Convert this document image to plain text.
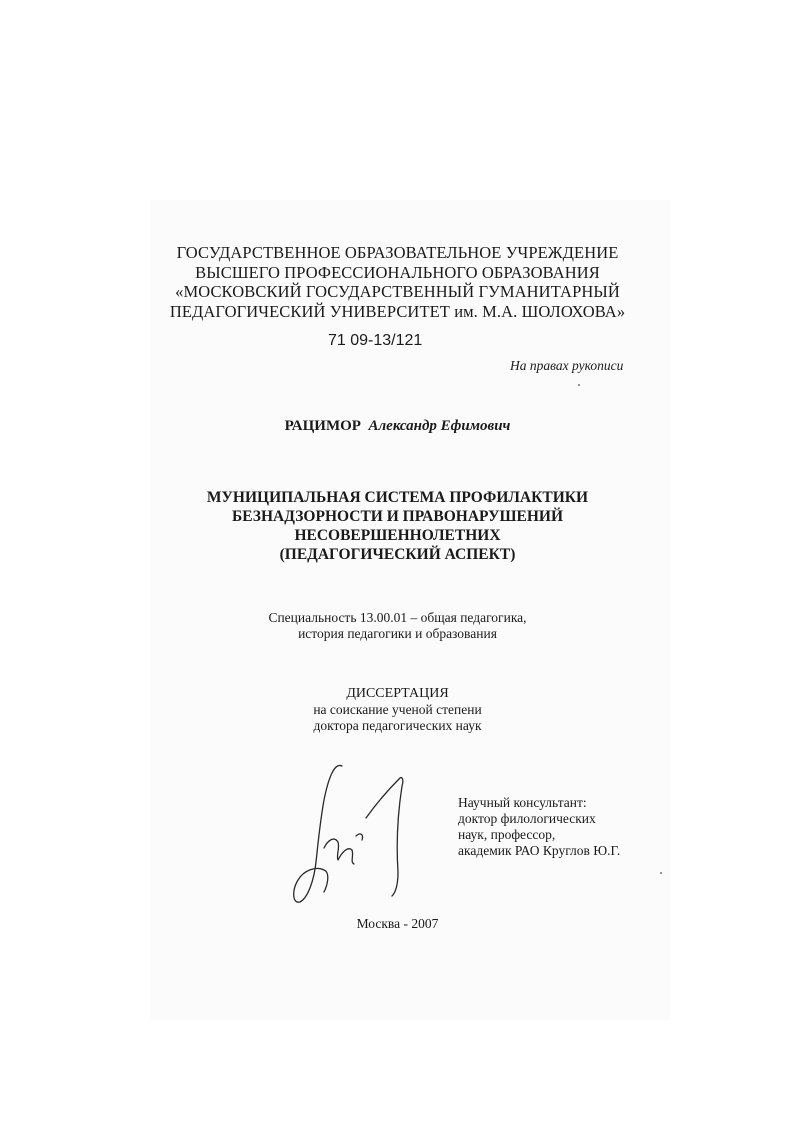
ГОСУДАРСТВЕННОЕ ОБРАЗОВАТЕЛЬНОЕ УЧРЕЖДЕНИЕ
ВЫСШЕГО ПРОФЕССИОНАЛЬНОГО ОБРАЗОВАНИЯ
«МОСКОВСКИЙ ГОСУДАРСТВЕННЫЙ ГУМАНИТАРНЫЙ
ПЕДАГОГИЧЕСКИЙ УНИВЕРСИТЕТ им. М.А. ШОЛОХОВА»
71 09-13/121
На правах рукописи
РАЦИМОР Александр Ефимович
МУНИЦИПАЛЬНАЯ СИСТЕМА ПРОФИЛАКТИКИ
БЕЗНАДЗОРНОСТИ И ПРАВОНАРУШЕНИЙ
НЕСОВЕРШЕННОЛЕТНИХ
(ПЕДАГОГИЧЕСКИЙ АСПЕКТ)
Специальность 13.00.01 – общая педагогика,
история педагогики и образования
ДИССЕРТАЦИЯ
на соискание ученой степени
доктора педагогических наук
Научный консультант:
доктор филологических
наук, профессор,
академик РАО Круглов Ю.Г.
Москва - 2007
